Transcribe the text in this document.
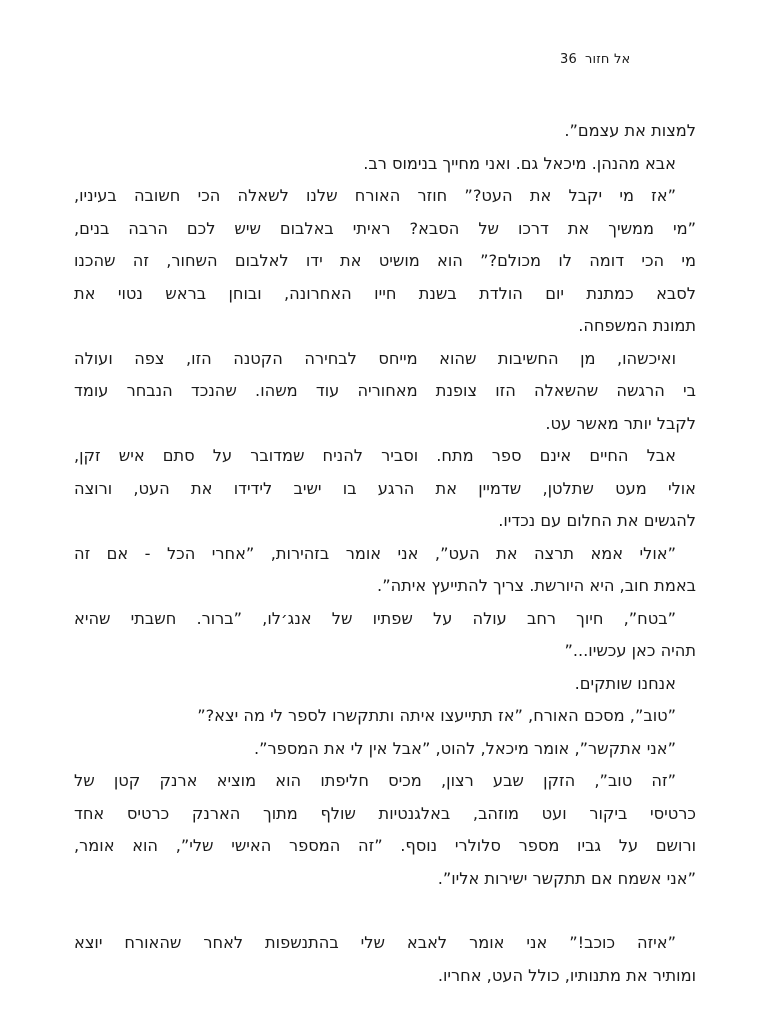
אל חזור36
למצות את עצמם”.
אבא מהנהן. מיכאל גם. ואני מחייך בנימוס רב.
”אז מי יקבל את העט?” חוזר האורח שלנו לשאלה הכי חשובה בעיניו,
”מי ממשיך את דרכו של הסבא? ראיתי באלבום שיש לכם הרבה בנים,
מי הכי דומה לו מכולם?” הוא מושיט את ידו לאלבום השחור, זה שהכנו
לסבא כמתנת יום הולדת בשנת חייו האחרונה, ובוחן בראש נטוי את
תמונת המשפחה.
ואיכשהו, מן החשיבות שהוא מייחס לבחירה הקטנה הזו, צפה ועולה
בי הרגשה שהשאלה הזו צופנת מאחוריה עוד משהו. שהנכד הנבחר עומד
לקבל יותר מאשר עט.
אבל החיים אינם ספר מתח. וסביר להניח שמדובר על סתם איש זקן,
אולי מעט שתלטן, שדמיין את הרגע בו ישיב לידידו את העט, ורוצה
להגשים את החלום עם נכדיו.
”אולי אמא תרצה את העט”, אני אומר בזהירות, ”אחרי הכל - אם זה
באמת חוב, היא היורשת. צריך להתייעץ איתה”.
”בטח”, חיוך רחב עולה על שפתיו של אנג׳לו, ”ברור. חשבתי שהיא
תהיה כאן עכשיו...”
אנחנו שותקים.
”טוב”, מסכם האורח, ”אז תתייעצו איתה ותתקשרו לספר לי מה יצא?”
”אני אתקשר”, אומר מיכאל, להוט, ”אבל אין לי את המספר”.
”זה טוב”, הזקן שבע רצון, מכיס חליפתו הוא מוציא ארנק קטן של
כרטיסי ביקור ועט מוזהב, באלגנטיות שולף מתוך הארנק כרטיס אחד
ורושם על גביו מספר סלולרי נוסף. ”זה המספר האישי שלי”, הוא אומר,
”אני אשמח אם תתקשר ישירות אליו”.
”איזה כוכב!” אני אומר לאבא שלי בהתנשפות לאחר שהאורח יוצא
ומותיר את מתנותיו, כולל העט, אחריו.
